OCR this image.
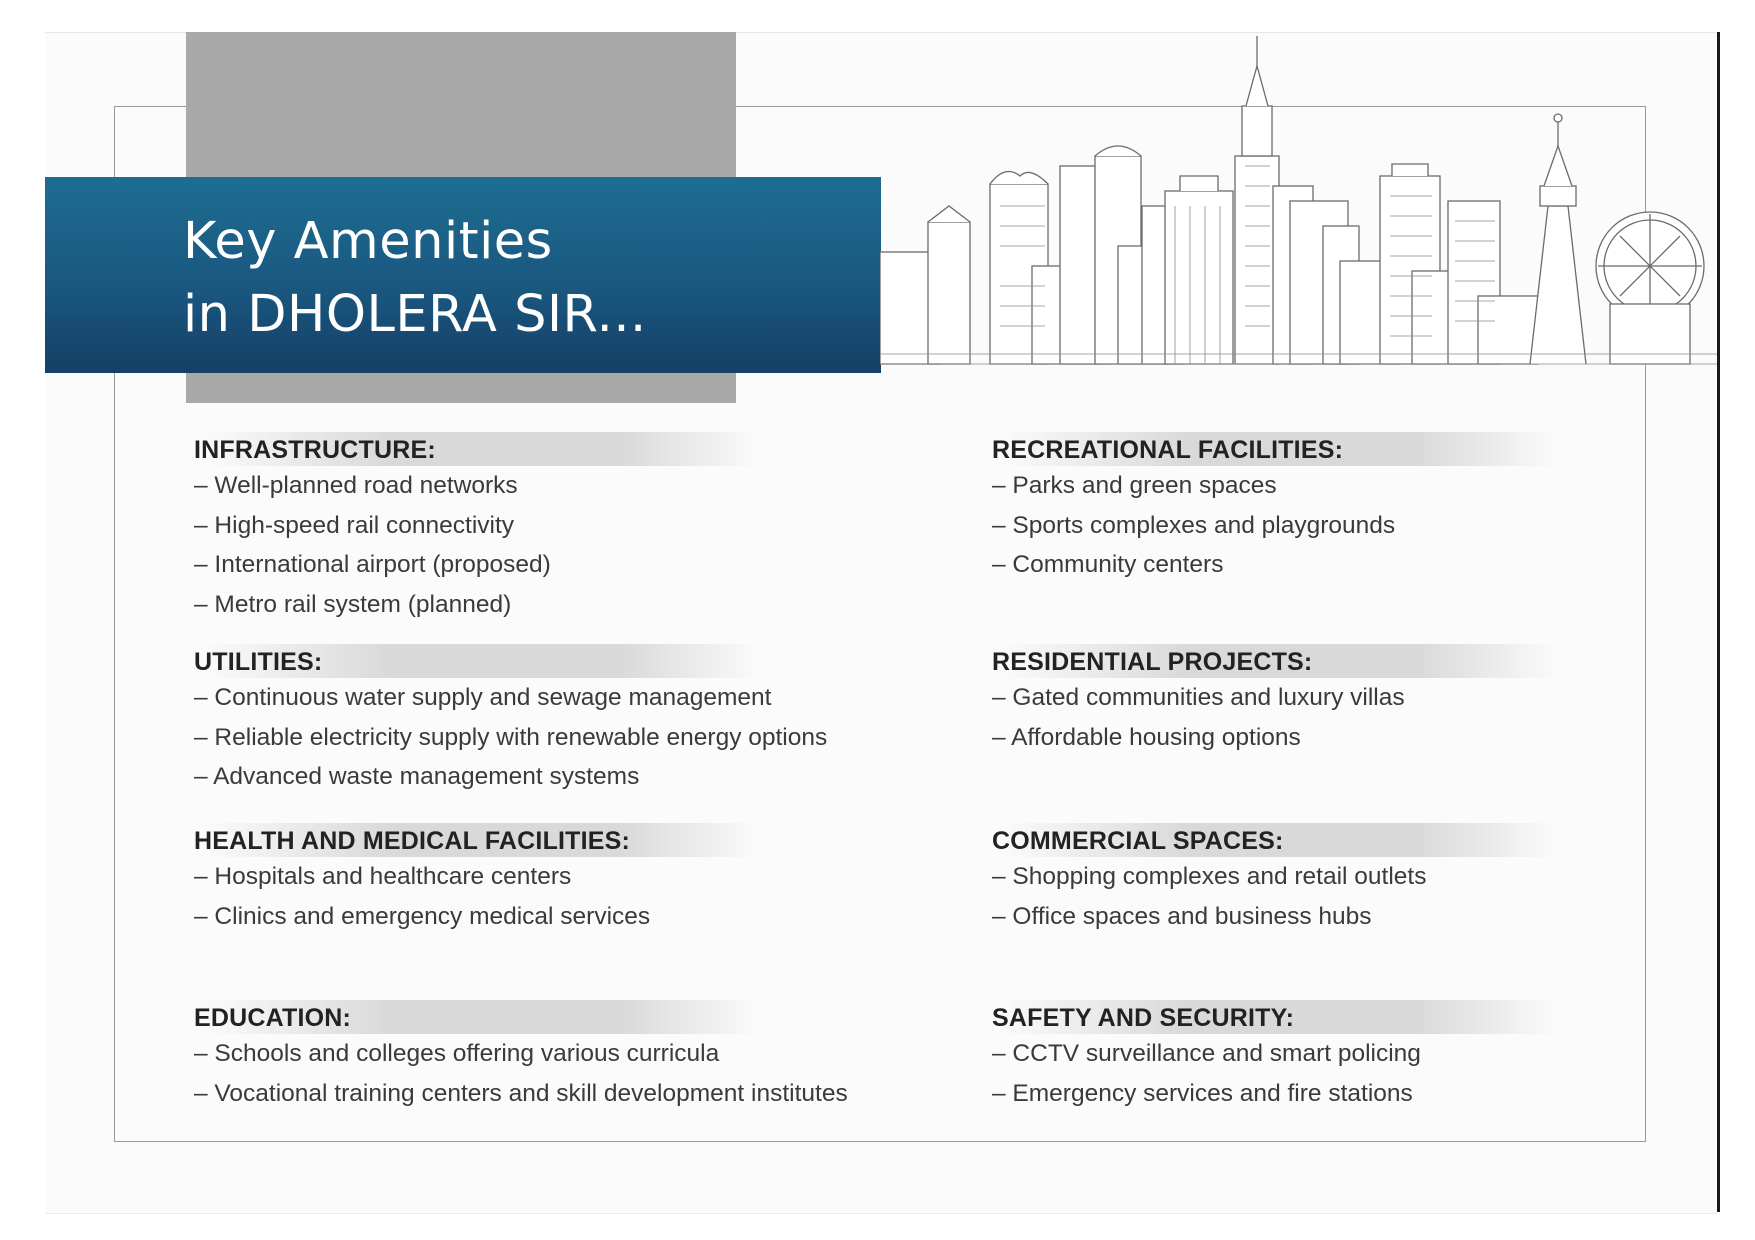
Key Amenities
in DHOLERA SIR...
INFRASTRUCTURE:
– Well-planned road networks
– High-speed rail connectivity
– International airport (proposed)
– Metro rail system (planned)
UTILITIES:
– Continuous water supply and sewage management
– Reliable electricity supply with renewable energy options
– Advanced waste management systems
HEALTH AND MEDICAL FACILITIES:
– Hospitals and healthcare centers
– Clinics and emergency medical services
EDUCATION:
– Schools and colleges offering various curricula
– Vocational training centers and skill development institutes
RECREATIONAL FACILITIES:
– Parks and green spaces
– Sports complexes and playgrounds
– Community centers
RESIDENTIAL PROJECTS:
– Gated communities and luxury villas
– Affordable housing options
COMMERCIAL SPACES:
– Shopping complexes and retail outlets
– Office spaces and business hubs
SAFETY AND SECURITY:
– CCTV surveillance and smart policing
– Emergency services and fire stations
